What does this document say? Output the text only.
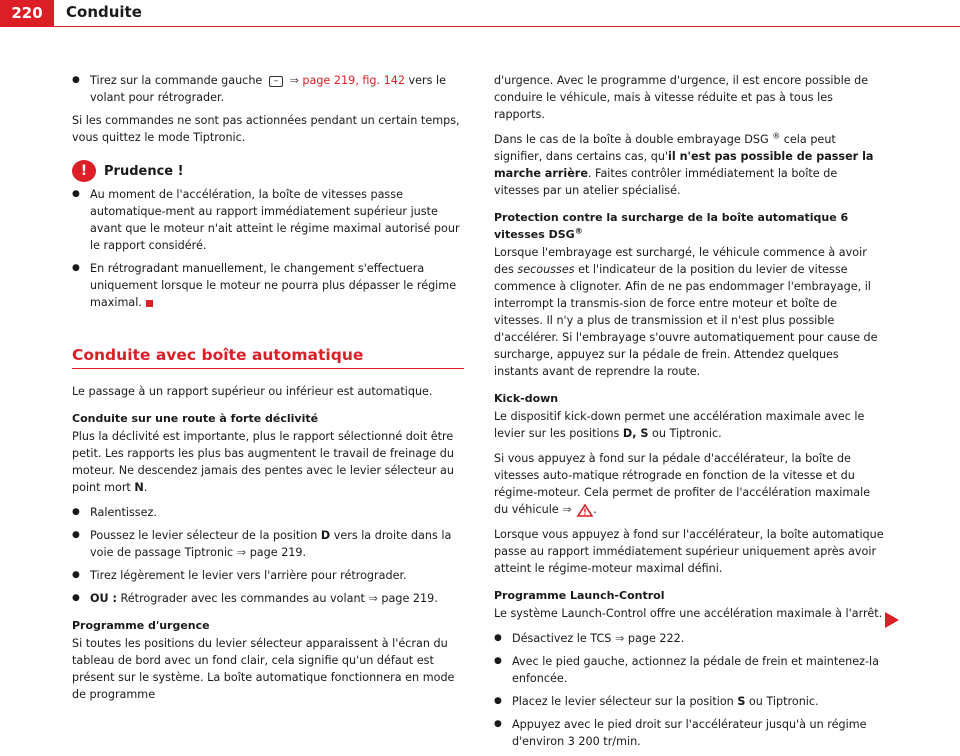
220	Conduite
● Tirez sur la commande gauche – ⇒ page 219, fig. 142 vers le volant pour rétrograder.

Si les commandes ne sont pas actionnées pendant un certain temps, vous quittez le mode Tiptronic.

!	Prudence !
● Au moment de l'accélération, la boîte de vitesses passe automatique-ment au rapport immédiatement supérieur juste avant que le moteur n'ait atteint le régime maximal autorisé pour le rapport considéré.
● En rétrogradant manuellement, le changement s'effectuera uniquement lorsque le moteur ne pourra plus dépasser le régime maximal.
Conduite avec boîte automatique

Le passage à un rapport supérieur ou inférieur est automatique.

Conduite sur une route à forte déclivité

Plus la déclivité est importante, plus le rapport sélectionné doit être petit. Les rapports les plus bas augmentent le travail de freinage du moteur. Ne descendez jamais des pentes avec le levier sélecteur au point mort N.

● Ralentissez.
● Poussez le levier sélecteur de la position D vers la droite dans la voie de passage Tiptronic ⇒ page 219.
● Tirez légèrement le levier vers l'arrière pour rétrograder.
● OU : Rétrograder avec les commandes au volant ⇒ page 219.
Programme d'urgence

Si toutes les positions du levier sélecteur apparaissent à l'écran du tableau de bord avec un fond clair, cela signifie qu'un défaut est présent sur le système. La boîte automatique fonctionnera en mode de programme

d'urgence. Avec le programme d'urgence, il est encore possible de conduire le véhicule, mais à vitesse réduite et pas à tous les rapports.

Dans le cas de la boîte à double embrayage DSG ® cela peut signifier, dans certains cas, qu'il n'est pas possible de passer la marche arrière. Faites contrôler immédiatement la boîte de vitesses par un atelier spécialisé.

Protection contre la surcharge de la boîte automatique 6 vitesses DSG®

Lorsque l'embrayage est surchargé, le véhicule commence à avoir des secousses et l'indicateur de la position du levier de vitesse commence à clignoter. Afin de ne pas endommager l'embrayage, il interrompt la transmis-sion de force entre moteur et boîte de vitesses. Il n'y a plus de transmission et il n'est plus possible d'accélérer. Si l'embrayage s'ouvre automatiquement pour cause de surcharge, appuyez sur la pédale de frein. Attendez quelques instants avant de reprendre la route.

Kick-down

Le dispositif kick-down permet une accélération maximale avec le levier sur les positions D, S ou Tiptronic.

Si vous appuyez à fond sur la pédale d'accélérateur, la boîte de vitesses auto-matique rétrograde en fonction de la vitesse et du régime-moteur. Cela permet de profiter de l'accélération maximale du véhicule ⇒ .

Lorsque vous appuyez à fond sur l'accélérateur, la boîte automatique passe au rapport immédiatement supérieur uniquement après avoir atteint le régime-moteur maximal défini.

Programme Launch-Control

Le système Launch-Control offre une accélération maximale à l'arrêt.

● Désactivez le TCS ⇒ page 222.
● Avec le pied gauche, actionnez la pédale de frein et maintenez-la enfoncée.
● Placez le levier sélecteur sur la position S ou Tiptronic.
● Appuyez avec le pied droit sur l'accélérateur jusqu'à un régime d'environ 3 200 tr/min.
